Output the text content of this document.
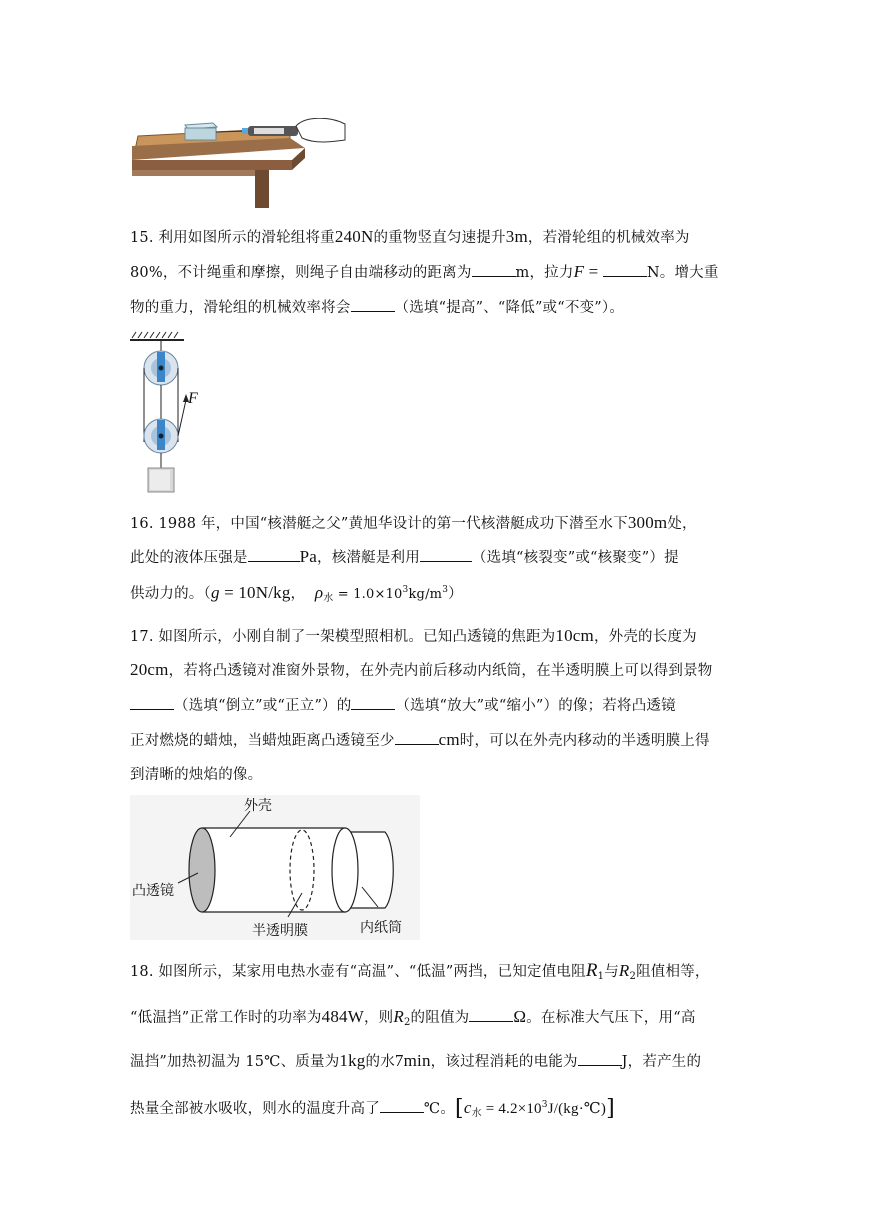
15. 利用如图所示的滑轮组将重240N的重物竖直匀速提升3m，若滑轮组的机械效率为
80%，不计绳重和摩擦，则绳子自由端移动的距离为	m，拉力F =	N。增大重
物的重力，滑轮组的机械效率将会	（选填“提高”、“降低”或“不变”）。
F
16. 1988 年，中国“核潜艇之父”黄旭华设计的第一代核潜艇成功下潜至水下300m处，
此处的液体压强是	Pa，核潜艇是利用	（选填“核裂变”或“核聚变”）提
供动力的。（g = 10N/kg， $\rho_水 = 1.0\times 10^3kg/m^3$）
17. 如图所示，小刚自制了一架模型照相机。已知凸透镜的焦距为10cm，外壳的长度为
20cm，若将凸透镜对准窗外景物，在外壳内前后移动内纸筒，在半透明膜上可以得到景物
（选填“倒立”或“正立”）的	（选填“放大”或“缩小”）的像；若将凸透镜
正对燃烧的蜡烛，当蜡烛距离凸透镜至少	cm时，可以在外壳内移动的半透明膜上得
到清晰的烛焰的像。
外壳
凸透镜
半透明膜	内纸筒
18. 如图所示，某家用电热水壶有“高温”、“低温”两挡，已知定值电阻$R_1$与$R_2$阻值相等，
“低温挡”正常工作时的功率为484W，则$R_2$的阻值为	Ω。在标准大气压下，用“高
温挡”加热初温为 15℃、质量为1kg的水7min，该过程消耗的电能为	J，若产生的
热量全部被水吸收，则水的温度升高了	℃。[$c_水$ = $4.2\times 10^3J/(kg\cdot℃)$]
